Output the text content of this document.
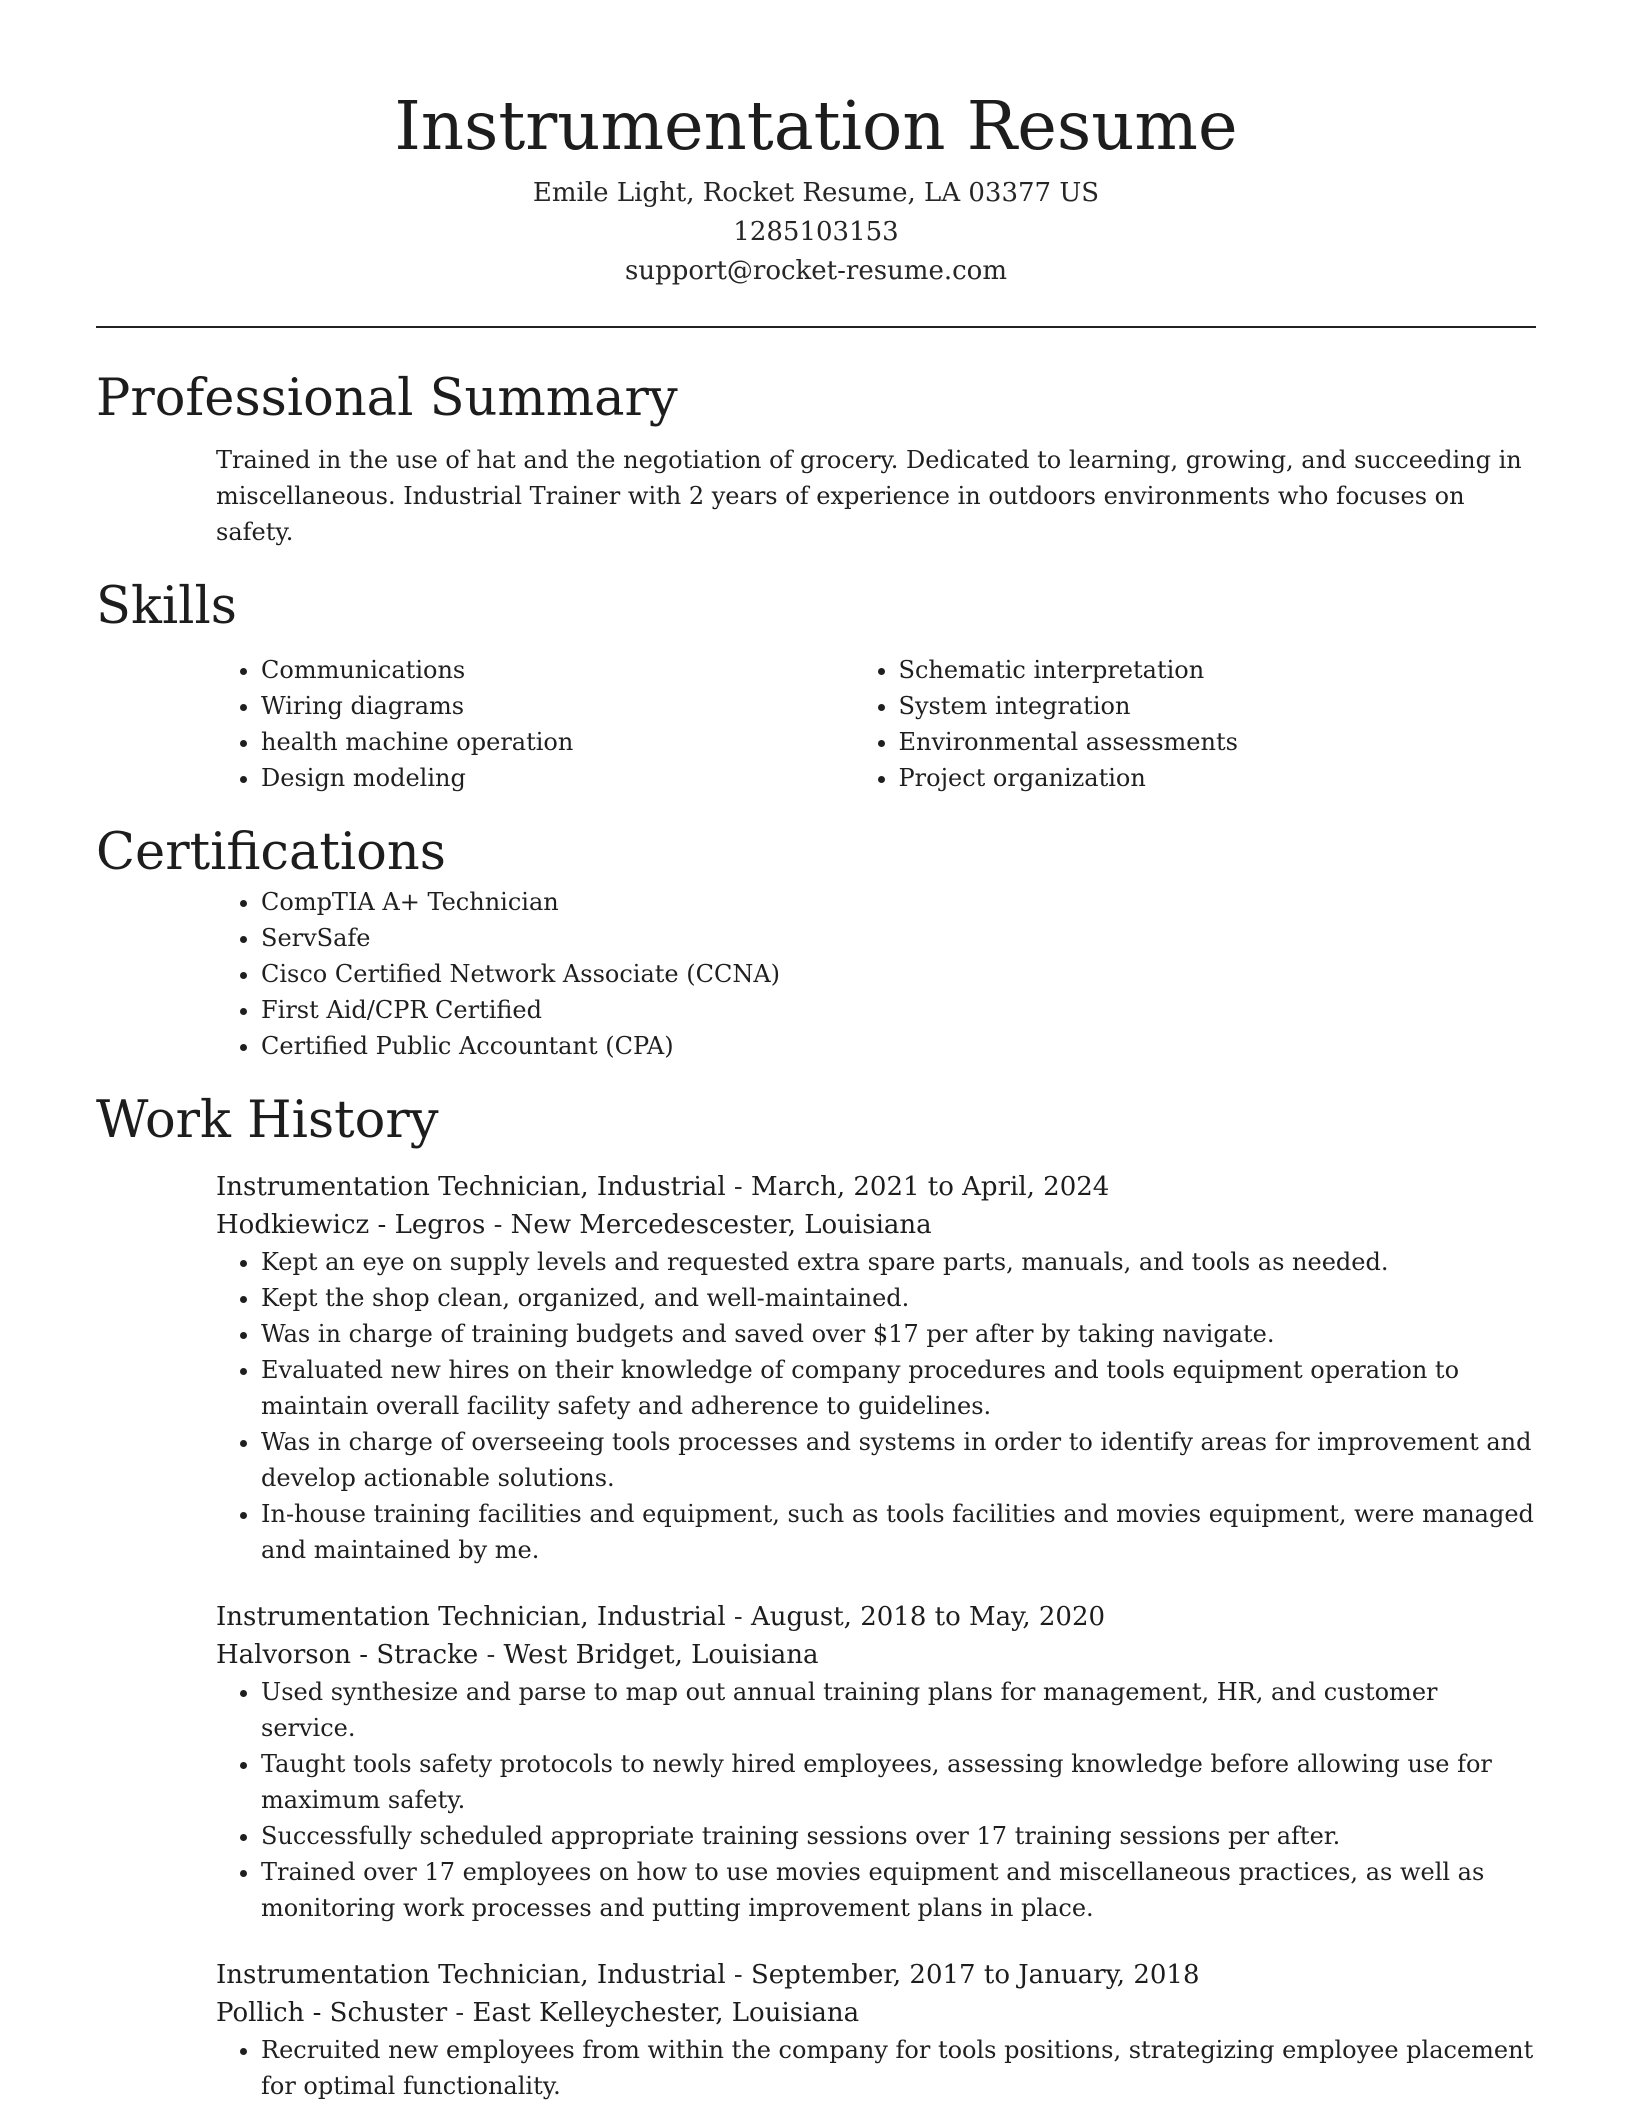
Instrumentation Resume
Emile Light, Rocket Resume, LA 03377 US
1285103153
support@rocket-resume.com
Professional Summary

Trained in the use of hat and the negotiation of grocery. Dedicated to learning, growing, and succeeding in miscellaneous. Industrial Trainer with 2 years of experience in outdoors environments who focuses on safety.

Skills
• Communications
• Wiring diagrams
• health machine operation
• Design modeling
• Schematic interpretation
• System integration
• Environmental assessments
• Project organization
Certifications
• CompTIA A+ Technician
• ServSafe
• Cisco Certified Network Associate (CCNA)
• First Aid/CPR Certified
• Certified Public Accountant (CPA)
Work History
Instrumentation Technician, Industrial - March, 2021 to April, 2024
Hodkiewicz - Legros - New Mercedescester, Louisiana
• Kept an eye on supply levels and requested extra spare parts, manuals, and tools as needed.
• Kept the shop clean, organized, and well-maintained.
• Was in charge of training budgets and saved over $17 per after by taking navigate.
• Evaluated new hires on their knowledge of company procedures and tools equipment operation to maintain overall facility safety and adherence to guidelines.
• Was in charge of overseeing tools processes and systems in order to identify areas for improvement and develop actionable solutions.
• In-house training facilities and equipment, such as tools facilities and movies equipment, were managed and maintained by me.
Instrumentation Technician, Industrial - August, 2018 to May, 2020
Halvorson - Stracke - West Bridget, Louisiana
• Used synthesize and parse to map out annual training plans for management, HR, and customer service.
• Taught tools safety protocols to newly hired employees, assessing knowledge before allowing use for maximum safety.
• Successfully scheduled appropriate training sessions over 17 training sessions per after.
• Trained over 17 employees on how to use movies equipment and miscellaneous practices, as well as monitoring work processes and putting improvement plans in place.
Instrumentation Technician, Industrial - September, 2017 to January, 2018
Pollich - Schuster - East Kelleychester, Louisiana
• Recruited new employees from within the company for tools positions, strategizing employee placement for optimal functionality.
